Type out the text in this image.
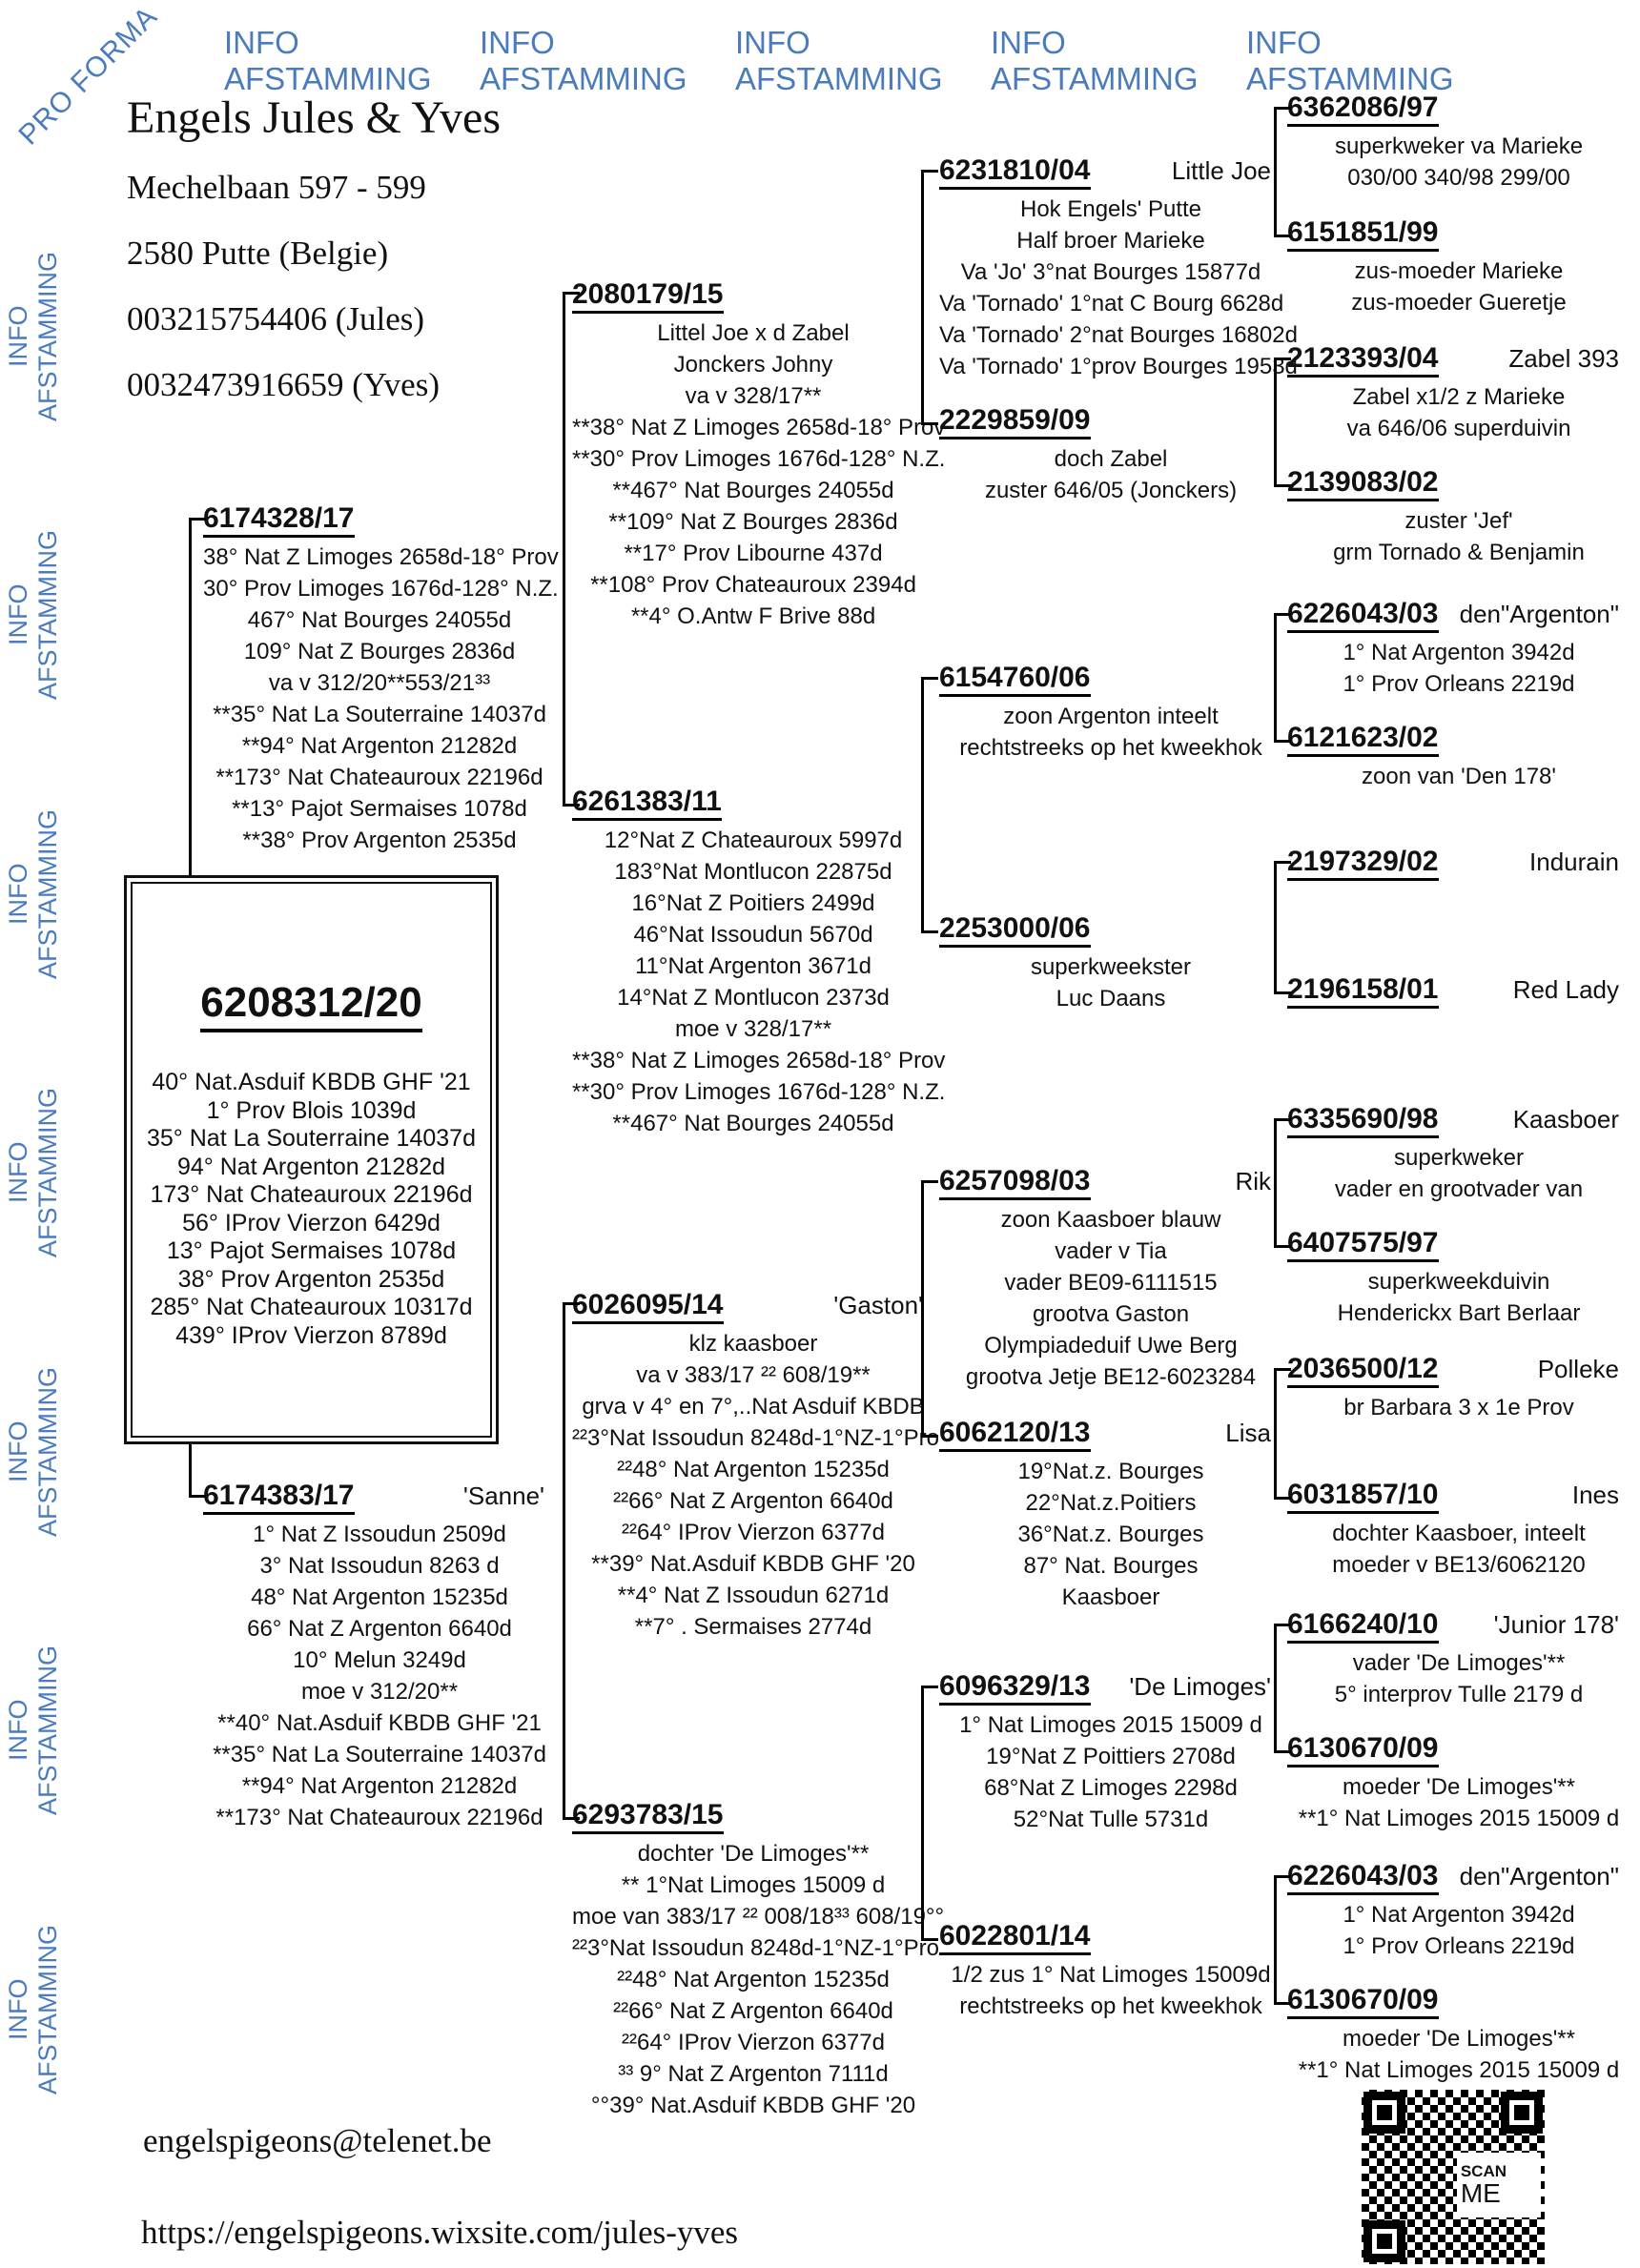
PRO FORMA	INFO AFSTAMMING
INFO AFSTAMMING
INFO AFSTAMMING
INFO AFSTAMMING
INFO AFSTAMMING
INFO AFSTAMMING
INFO AFSTAMMING
INFO AFSTAMMING
INFO AFSTAMMING
INFO AFSTAMMING
INFO AFSTAMMING
INFO AFSTAMMING
Engels Jules & Yves
Mechelbaan 597 - 599
2580 Putte (Belgie)
003215754406 (Jules)
0032473916659 (Yves)
6174328/17
38° Nat Z Limoges 2658d-18° Prov
30° Prov Limoges 1676d-128° N.Z.
467° Nat Bourges 24055d
109° Nat Z Bourges 2836d
va v 312/20**553/21³³
**35° Nat La Souterraine 14037d
**94° Nat Argenton 21282d
**173° Nat Chateauroux 22196d
**13° Pajot Sermaises 1078d
**38° Prov Argenton 2535d
6174383/17	'Sanne'
1° Nat Z Issoudun 2509d
3° Nat Issoudun 8263 d
48° Nat Argenton 15235d
66° Nat Z Argenton 6640d
10° Melun 3249d
moe v 312/20**
**40° Nat.Asduif KBDB GHF '21
**35° Nat La Souterraine 14037d
**94° Nat Argenton 21282d
**173° Nat Chateauroux 22196d
2080179/15
Littel Joe x d Zabel
Jonckers Johny
va v 328/17**
**38° Nat Z Limoges 2658d-18° Prov
**30° Prov Limoges 1676d-128° N.Z.
**467° Nat Bourges 24055d
**109° Nat Z Bourges 2836d
**17° Prov Libourne 437d
**108° Prov Chateauroux 2394d
**4° O.Antw F Brive 88d
6261383/11
12°Nat Z Chateauroux 5997d
183°Nat Montlucon 22875d
16°Nat Z Poitiers 2499d
46°Nat Issoudun 5670d
11°Nat Argenton 3671d
14°Nat Z Montlucon 2373d
moe v 328/17**
**38° Nat Z Limoges 2658d-18° Prov
**30° Prov Limoges 1676d-128° N.Z.
**467° Nat Bourges 24055d
6026095/14	'Gaston'
klz kaasboer
va v 383/17 ²² 608/19**
grva v 4° en 7°,..Nat Asduif KBDB
²²3°Nat Issoudun 8248d-1°NZ-1°Pro
²²48° Nat Argenton 15235d
²²66° Nat Z Argenton 6640d
²²64° IProv Vierzon 6377d
**39° Nat.Asduif KBDB GHF '20
**4° Nat Z Issoudun 6271d
**7° . Sermaises 2774d
6293783/15
dochter 'De Limoges'**
** 1°Nat Limoges 15009 d
moe van 383/17 ²² 008/18³³ 608/19°°
²²3°Nat Issoudun 8248d-1°NZ-1°Pro
²²48° Nat Argenton 15235d
²²66° Nat Z Argenton 6640d
²²64° IProv Vierzon 6377d
³³ 9° Nat Z Argenton 7111d
°°39° Nat.Asduif KBDB GHF '20
6231810/04	Little Joe
Hok Engels' Putte
Half broer Marieke
Va 'Jo' 3°nat Bourges 15877d
Va 'Tornado' 1°nat C Bourg 6628d
Va 'Tornado' 2°nat Bourges 16802d
Va 'Tornado' 1°prov Bourges 1953d
2229859/09
doch Zabel
zuster 646/05 (Jonckers)
6154760/06
zoon Argenton inteelt
rechtstreeks op het kweekhok
2253000/06
superkweekster
Luc Daans
6257098/03	Rik
zoon Kaasboer blauw
vader v Tia
vader BE09-6111515
grootva Gaston
Olympiadeduif Uwe Berg
grootva Jetje BE12-6023284
6062120/13	Lisa
19°Nat.z. Bourges
22°Nat.z.Poitiers
36°Nat.z. Bourges
87° Nat. Bourges
Kaasboer
6096329/13	'De Limoges'
1° Nat Limoges 2015 15009 d
19°Nat Z Poittiers 2708d
68°Nat Z Limoges 2298d
52°Nat Tulle 5731d
6022801/14
1/2 zus 1° Nat Limoges 15009d
rechtstreeks op het kweekhok
6362086/97
superkweker va Marieke
030/00 340/98 299/00
6151851/99
zus-moeder Marieke
zus-moeder Gueretje
2123393/04	Zabel 393
Zabel x1/2 z Marieke
va 646/06 superduivin
2139083/02
zuster 'Jef'
grm Tornado & Benjamin
6226043/03 den"Argenton"
1° Nat Argenton 3942d
1° Prov Orleans 2219d
6121623/02
zoon van 'Den 178'
2197329/02	Indurain
2196158/01	Red Lady
6335690/98	Kaasboer
superkweker
vader en grootvader van
6407575/97
superkweekduivin
Henderickx Bart Berlaar
2036500/12	Polleke
br Barbara 3 x 1e Prov
6031857/10	Ines
dochter Kaasboer, inteelt
moeder v BE13/6062120
6166240/10	'Junior 178'
vader 'De Limoges'**
5° interprov Tulle 2179 d
6130670/09
moeder 'De Limoges'**
**1° Nat Limoges 2015 15009 d
6226043/03 den"Argenton"
1° Nat Argenton 3942d
1° Prov Orleans 2219d
6130670/09
moeder 'De Limoges'**
**1° Nat Limoges 2015 15009 d
6208312/20
40° Nat.Asduif KBDB GHF '21
1° Prov Blois 1039d
35° Nat La Souterraine 14037d
94° Nat Argenton 21282d
173° Nat Chateauroux 22196d
56° IProv Vierzon 6429d
13° Pajot Sermaises 1078d
38° Prov Argenton 2535d
285° Nat Chateauroux 10317d
439° IProv Vierzon 8789d
engelspigeons@telenet.be
https://engelspigeons.wixsite.com/jules-yves
SCAN
ME
